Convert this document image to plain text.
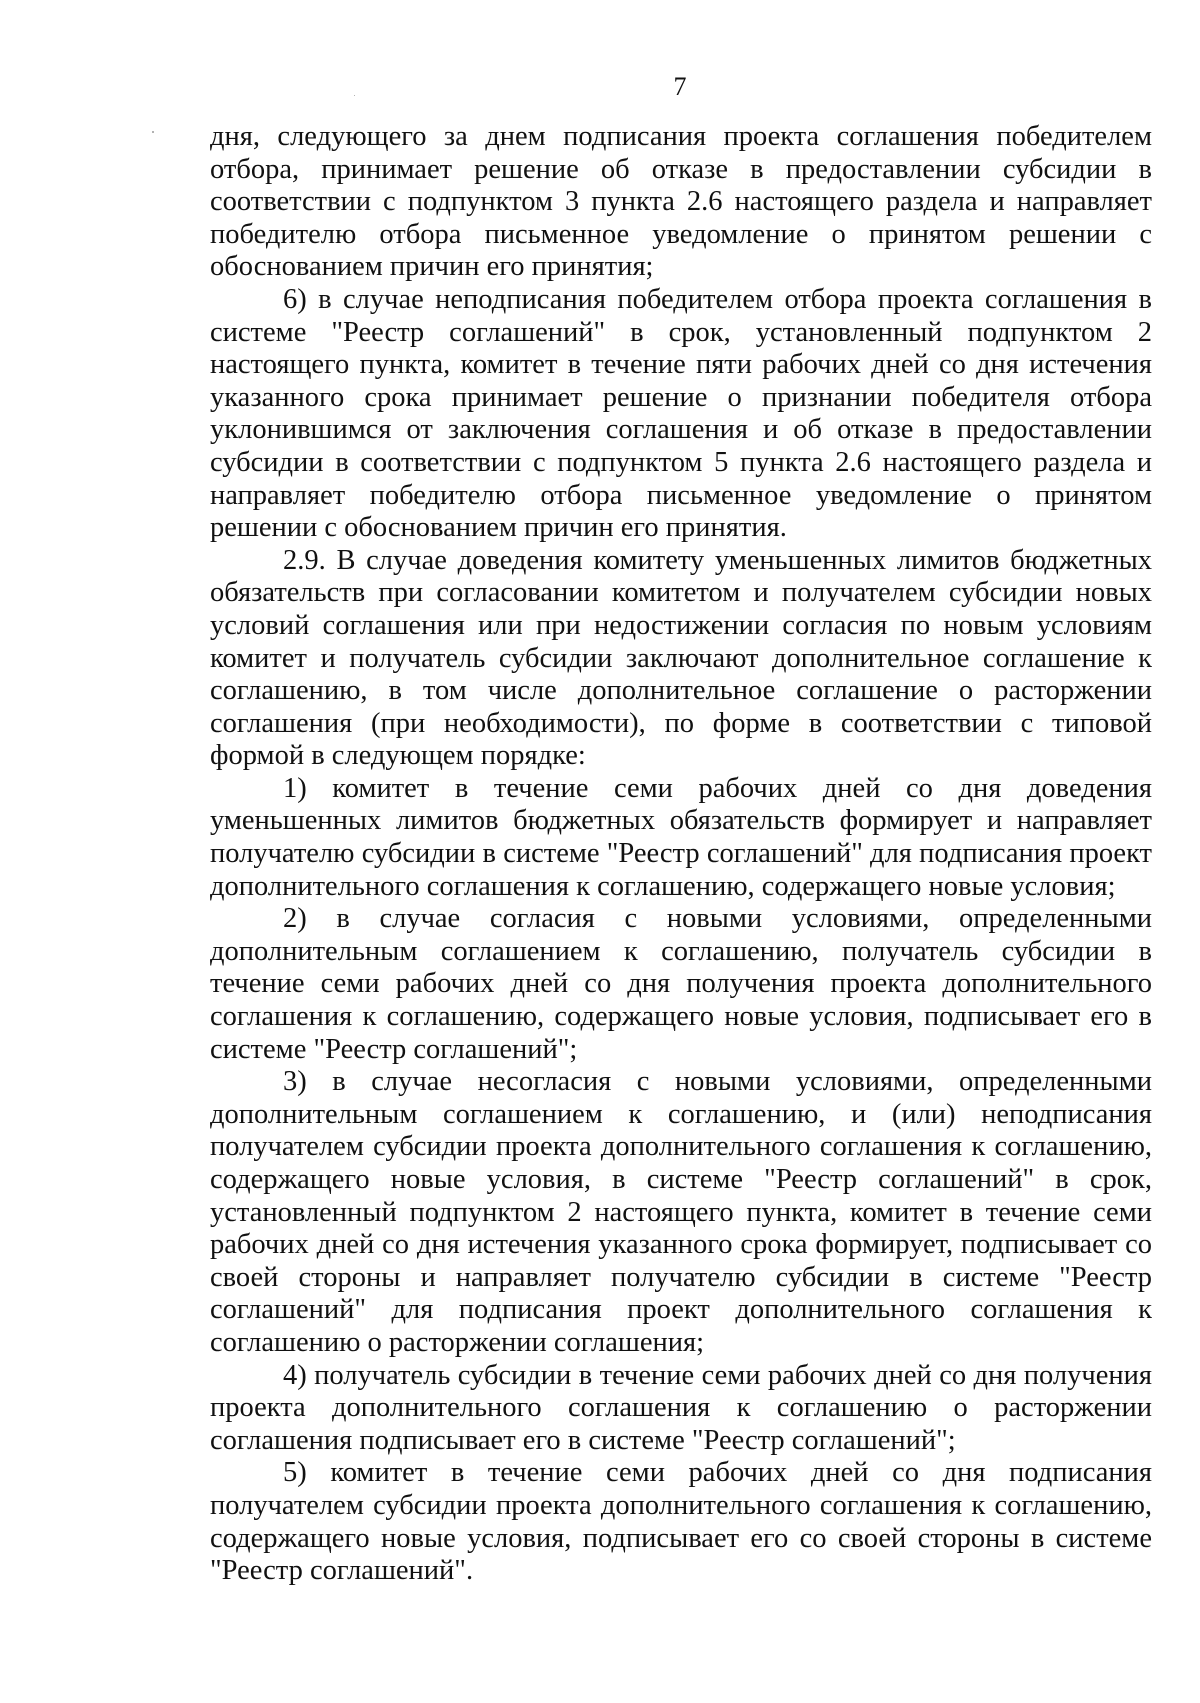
7

дня, следующего за днем подписания проекта соглашения победителем отбора, принимает решение об отказе в предоставлении субсидии в соответствии с подпунктом 3 пункта 2.6 настоящего раздела и направляет победителю отбора письменное уведомление о принятом решении с обоснованием причин его принятия;

6) в случае неподписания победителем отбора проекта соглашения в системе "Реестр соглашений" в срок, установленный подпунктом 2 настоящего пункта, комитет в течение пяти рабочих дней со дня истечения указанного срока принимает решение о признании победителя отбора уклонившимся от заключения соглашения и об отказе в предоставлении субсидии в соответствии с подпунктом 5 пункта 2.6 настоящего раздела и направляет победителю отбора письменное уведомление о принятом решении с обоснованием причин его принятия.

2.9. В случае доведения комитету уменьшенных лимитов бюджетных обязательств при согласовании комитетом и получателем субсидии новых условий соглашения или при недостижении согласия по новым условиям комитет и получатель субсидии заключают дополнительное соглашение к соглашению, в том числе дополнительное соглашение о расторжении соглашения (при необходимости), по форме в соответствии с типовой формой в следующем порядке:

1) комитет в течение семи рабочих дней со дня доведения уменьшенных лимитов бюджетных обязательств формирует и направляет получателю субсидии в системе "Реестр соглашений" для подписания проект дополнительного соглашения к соглашению, содержащего новые условия;

2) в случае согласия с новыми условиями, определенными дополнительным соглашением к соглашению, получатель субсидии в течение семи рабочих дней со дня получения проекта дополнительного соглашения к соглашению, содержащего новые условия, подписывает его в системе "Реестр соглашений";

3) в случае несогласия с новыми условиями, определенными дополнительным соглашением к соглашению, и (или) неподписания получателем субсидии проекта дополнительного соглашения к соглашению, содержащего новые условия, в системе "Реестр соглашений" в срок, установленный подпунктом 2 настоящего пункта, комитет в течение семи рабочих дней со дня истечения указанного срока формирует, подписывает со своей стороны и направляет получателю субсидии в системе "Реестр соглашений" для подписания проект дополнительного соглашения к соглашению о расторжении соглашения;

4) получатель субсидии в течение семи рабочих дней со дня получения проекта дополнительного соглашения к соглашению о расторжении соглашения подписывает его в системе "Реестр соглашений";

5) комитет в течение семи рабочих дней со дня подписания получателем субсидии проекта дополнительного соглашения к соглашению, содержащего новые условия, подписывает его со своей стороны в системе "Реестр соглашений".
